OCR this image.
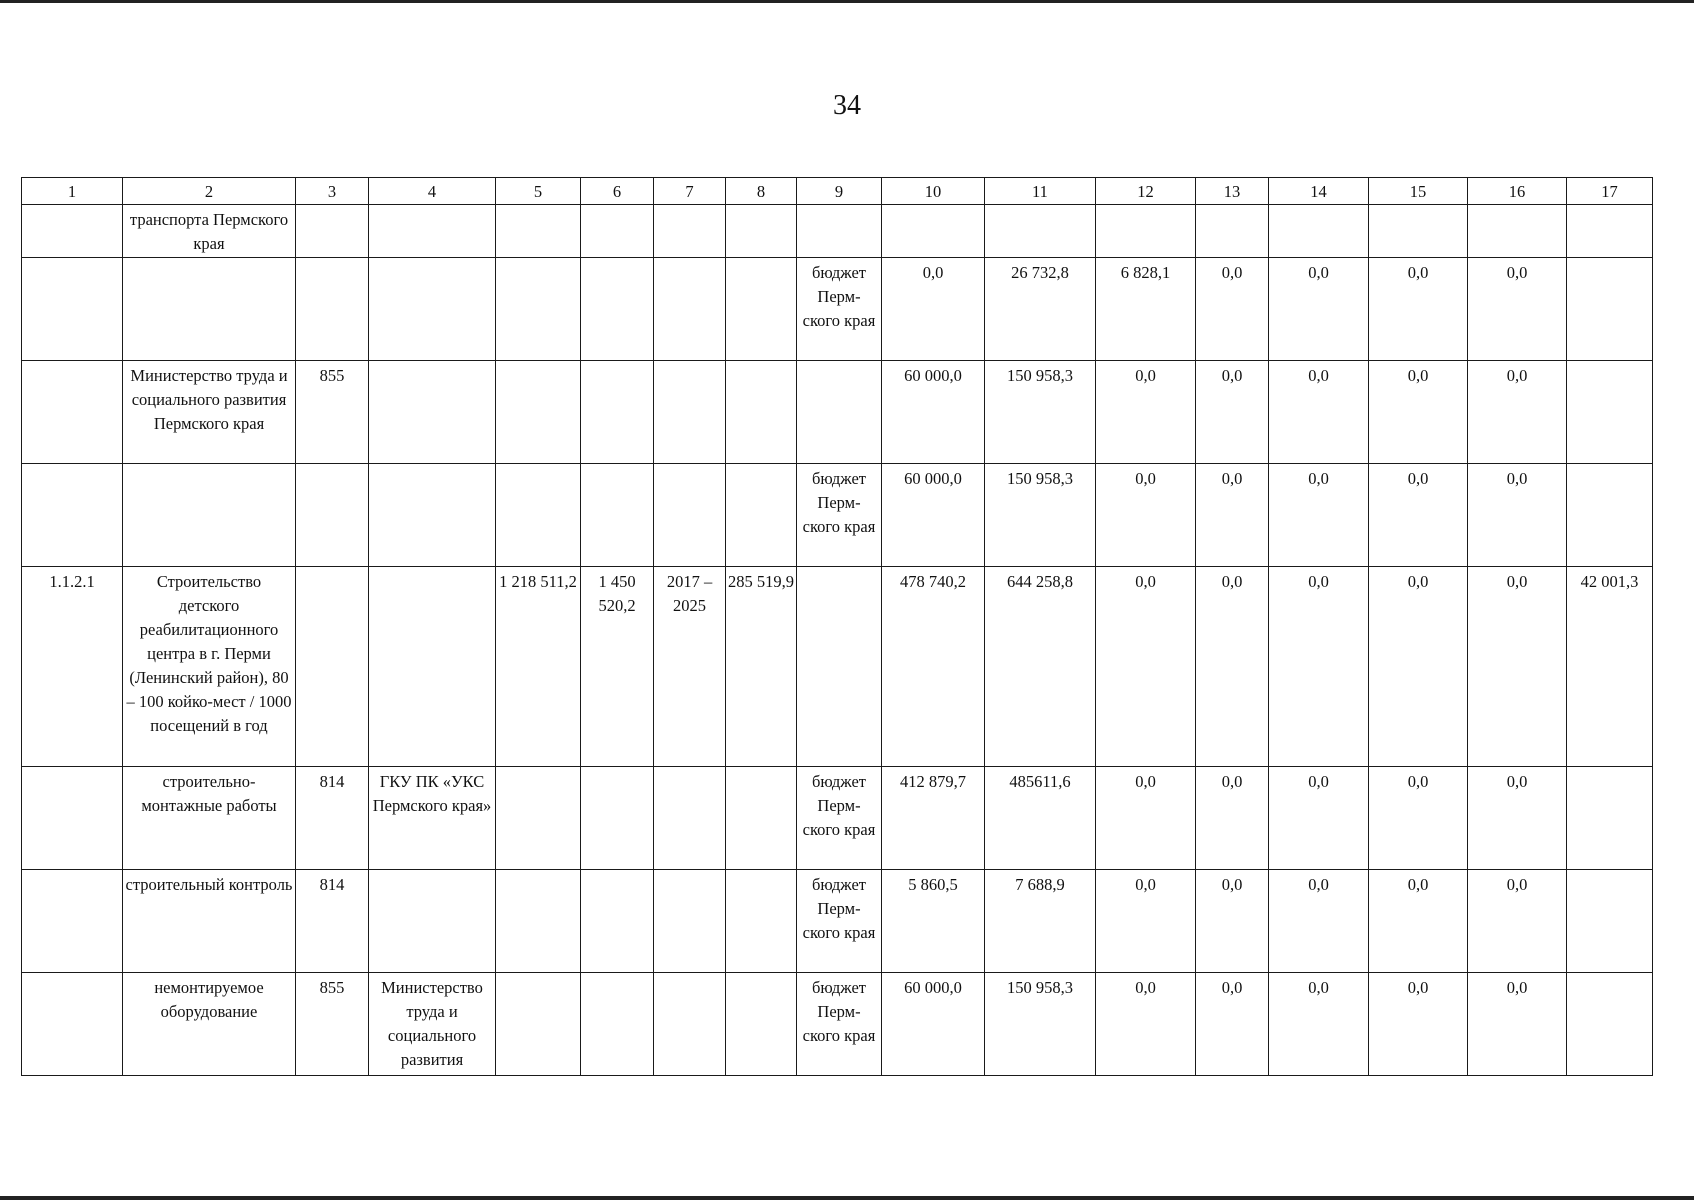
34
1	2	3	4	5	6	7	8	9	10	11	12	13	14	15	16	17
	транспорта Пермского края															
								бюджет Перм-ского края	0,0	26 732,8	6 828,1	0,0	0,0	0,0	0,0	
	Министерство труда и социального развития Пермского края	855							60 000,0	150 958,3	0,0	0,0	0,0	0,0	0,0	
								бюджет Перм-ского края	60 000,0	150 958,3	0,0	0,0	0,0	0,0	0,0	
1.1.2.1	Строительство детского реабилитационного центра в г. Перми (Ленинский район), 80 – 100 койко-мест / 1000 посещений в год			1 218 511,2	1 450 520,2	2017 – 2025	285 519,9		478 740,2	644 258,8	0,0	0,0	0,0	0,0	0,0	42 001,3
	строительно-монтажные работы	814	ГКУ ПК «УКС Пермского края»					бюджет Перм-ского края	412 879,7	485611,6	0,0	0,0	0,0	0,0	0,0	
	строительный контроль	814						бюджет Перм-ского края	5 860,5	7 688,9	0,0	0,0	0,0	0,0	0,0	
	немонтируемое оборудование	855	Министерство труда и социального развития					бюджет Перм-ского края	60 000,0	150 958,3	0,0	0,0	0,0	0,0	0,0	
